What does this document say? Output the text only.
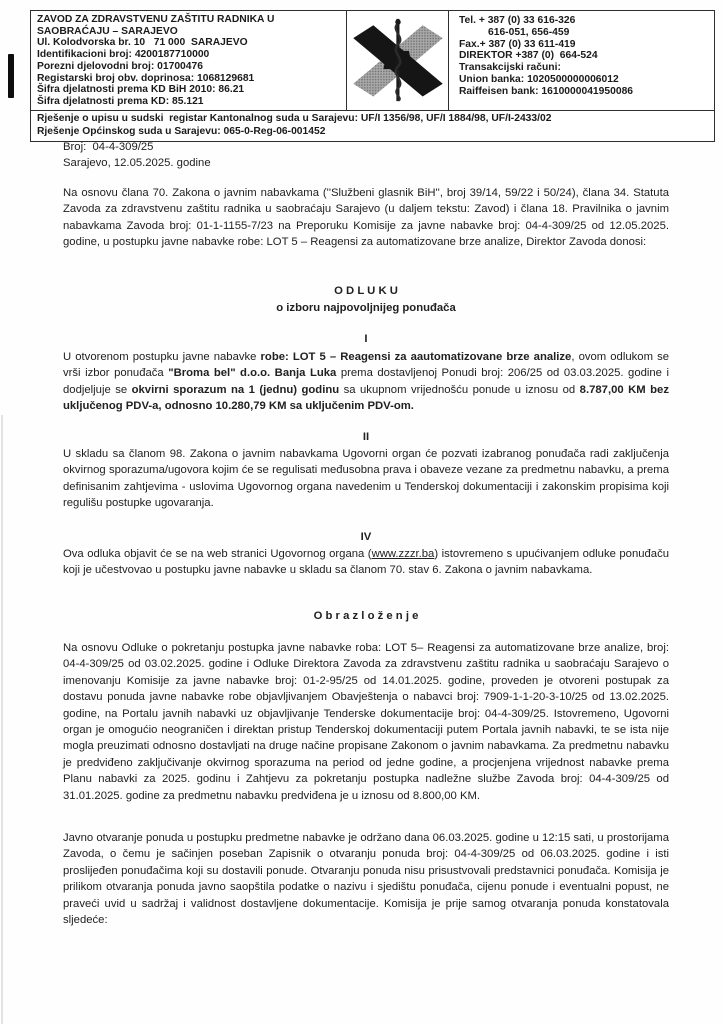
ZAVOD ZA ZDRAVSTVENU ZAŠTITU RADNIKA U SAOBRAĆAJU – SARAJEVO
Ul. Kolodvorska br. 10   71 000  SARAJEVO
Identifikacioni broj: 4200187710000
Porezni djelovodni broj: 01700476
Registarski broj obv. doprinosa: 1068129681
Šifra djelatnosti prema KD BiH 2010: 86.21
Šifra djelatnosti prema KD: 85.121
Tel. + 387 (0) 33 616-326
616-051, 656-459
Fax.+ 387 (0) 33 611-419
DIREKTOR +387 (0)  664-524
Transakcijski računi:
Union banka: 1020500000006012
Raiffeisen bank: 1610000041950086
Rješenje o upisu u sudski  registar Kantonalnog suda u Sarajevu: UF/I 1356/98, UF/I 1884/98, UF/I-2433/02
Rješenje Općinskog suda u Sarajevu: 065-0-Reg-06-001452
Broj:  04-4-309/25
Sarajevo, 12.05.2025. godine
Na osnovu člana 70. Zakona o javnim nabavkama (''Službeni glasnik BiH'', broj 39/14, 59/22 i 50/24), člana 34. Statuta Zavoda za zdravstvenu zaštitu radnika u saobraćaju Sarajevo (u daljem tekstu: Zavod) i člana 18. Pravilnika o javnim nabavkama Zavoda broj: 01-1-1155-7/23 na Preporuku Komisije za javne nabavke broj: 04-4-309/25 od 12.05.2025. godine, u postupku javne nabavke robe: LOT 5 – Reagensi za automatizovane brze analize, Direktor Zavoda donosi:
O D L U K U
o izboru najpovoljnijeg ponuđača
I
U otvorenom postupku javne nabavke robe: LOT 5 – Reagensi za aautomatizovane brze analize, ovom odlukom se vrši izbor ponuđača "Broma bel" d.o.o. Banja Luka prema dostavljenoj Ponudi broj: 206/25 od 03.03.2025. godine i dodjeljuje se okvirni sporazum na 1 (jednu) godinu sa ukupnom vrijednošću ponude u iznosu od 8.787,00 KM bez uključenog PDV-a, odnosno 10.280,79 KM sa uključenim PDV-om.
II
U skladu sa članom 98. Zakona o javnim nabavkama Ugovorni organ će pozvati izabranog ponuđača radi zaključenja okvirnog sporazuma/ugovora kojim će se regulisati međusobna prava i obaveze vezane za predmetnu nabavku, a prema definisanim zahtjevima - uslovima Ugovornog organa navedenim u Tenderskoj dokumentaciji i zakonskim propisima koji regulišu postupke ugovaranja.
IV
Ova odluka objavit će se na web stranici Ugovornog organa (www.zzzr.ba) istovremeno s upućivanjem odluke ponuđaču koji je učestvovao u postupku javne nabavke u skladu sa članom 70. stav 6. Zakona o javnim nabavkama.
O b r a z l o ž e n j e
Na osnovu Odluke o pokretanju postupka javne nabavke roba: LOT 5– Reagensi za automatizovane brze analize, broj: 04-4-309/25 od 03.02.2025. godine i Odluke Direktora Zavoda za zdravstvenu zaštitu radnika u saobraćaju Sarajevo o imenovanju Komisije za javne nabavke broj: 01-2-95/25 od 14.01.2025. godine, proveden je otvoreni postupak za dostavu ponuda javne nabavke robe objavljivanjem Obavještenja o nabavci broj: 7909-1-1-20-3-10/25 od 13.02.2025. godine, na Portalu javnih nabavki uz objavljivanje Tenderske dokumentacije broj: 04-4-309/25. Istovremeno, Ugovorni organ je omogućio neograničen i direktan pristup Tenderskoj dokumentaciji putem Portala javnih nabavki, te se ista nije mogla preuzimati odnosno dostavljati na druge načine propisane Zakonom o javnim nabavkama. Za predmetnu nabavku je predviđeno zaključivanje okvirnog sporazuma na period od jedne godine, a procjenjena vrijednost nabavke prema Planu nabavki za 2025. godinu i Zahtjevu za pokretanju postupka nadležne službe Zavoda broj: 04-4-309/25 od 31.01.2025. godine za predmetnu nabavku predviđena je u iznosu od 8.800,00 KM.
Javno otvaranje ponuda u postupku predmetne nabavke je održano dana 06.03.2025. godine u 12:15 sati, u prostorijama Zavoda, o čemu je sačinjen poseban Zapisnik o otvaranju ponuda broj: 04-4-309/25 od 06.03.2025. godine i isti proslijeđen ponuđačima koji su dostavili ponude. Otvaranju ponuda nisu prisustvovali predstavnici ponuđača. Komisija je prilikom otvaranja ponuda javno saopštila podatke o nazivu i sjedištu ponuđača, cijenu ponude i eventualni popust, ne praveći uvid u sadržaj i validnost dostavljene dokumentacije. Komisija je prije samog otvaranja ponuda konstatovala sljedeće:
